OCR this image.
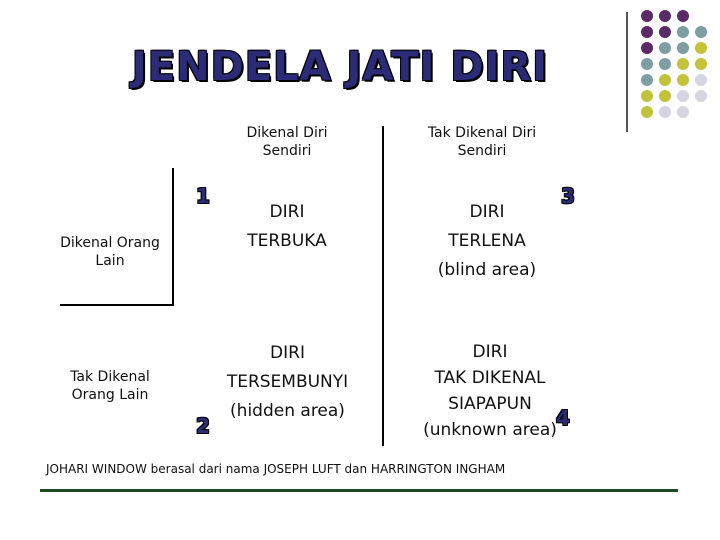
JENDELA JATI DIRI
Dikenal Diri
Sendiri
Tak Dikenal Diri
Sendiri
Dikenal Orang
Lain
Tak Dikenal
Orang Lain
1
2
3
4
DIRI
TERBUKA
DIRI
TERLENA
(blind area)
DIRI
TERSEMBUNYI
(hidden area)
DIRI
TAK DIKENAL
SIAPAPUN
(unknown area)
JOHARI WINDOW berasal dari nama JOSEPH LUFT dan HARRINGTON INGHAM
